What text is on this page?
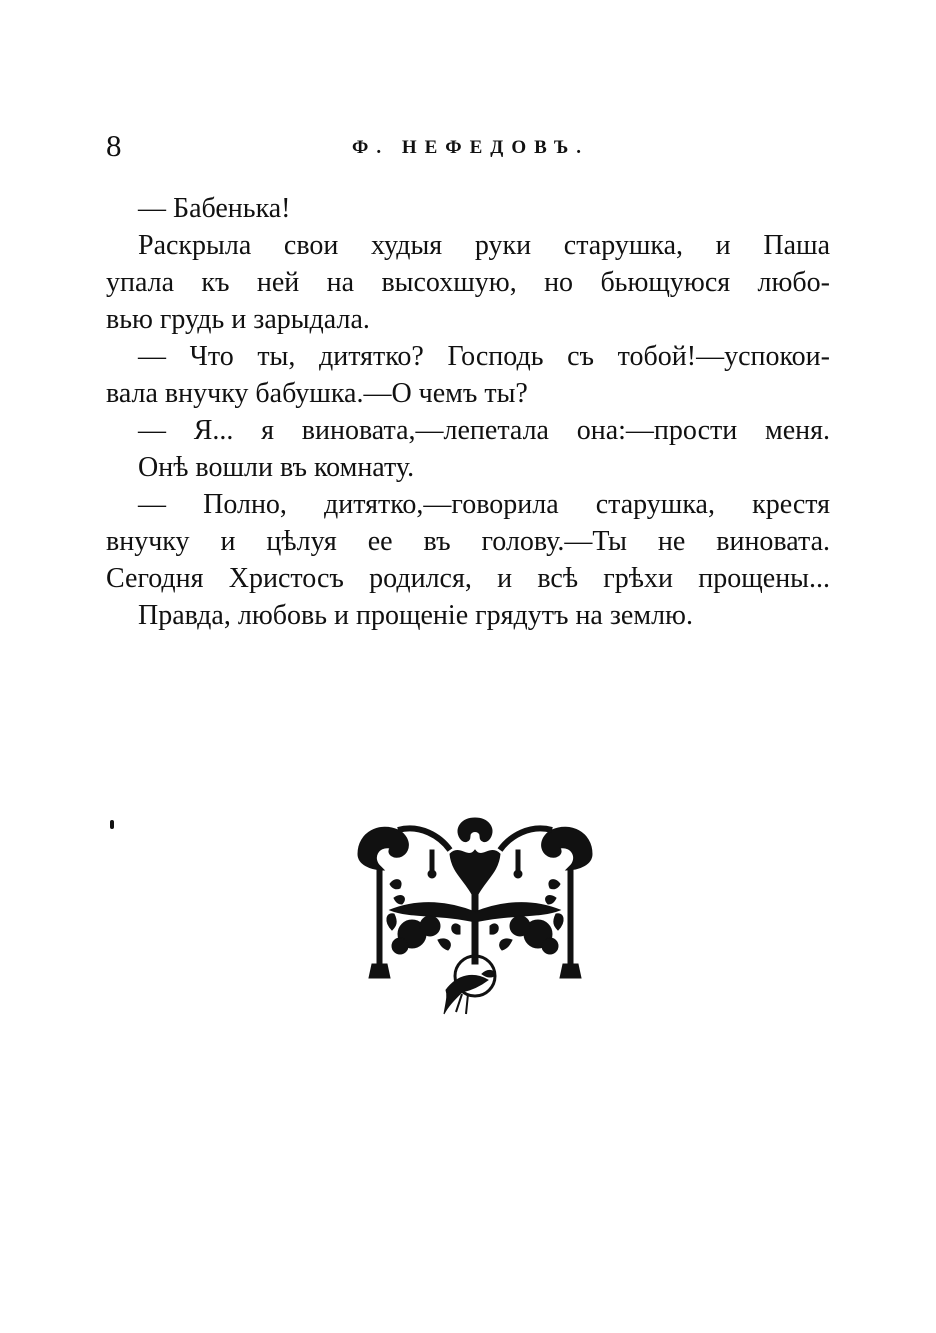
8	Ф. НЕФЕДОВЪ.
— Бабенька!
Раскрыла свои худыя руки старушка, и Паша
упала къ ней на высохшую, но бьющуюся любо-
вью грудь и зарыдала.
— Что ты, дитятко? Господь съ тобой!—успокои-
вала внучку бабушка.—О чемъ ты?
— Я... я виновата,—лепетала она:—прости меня.
Онѣ вошли въ комнату.
— Полно, дитятко,—говорила старушка, крестя
внучку и цѣлуя ее въ голову.—Ты не виновата.
Сегодня Христосъ родился, и всѣ грѣхи прощены...
Правда, любовь и прощеніе грядутъ на землю.
